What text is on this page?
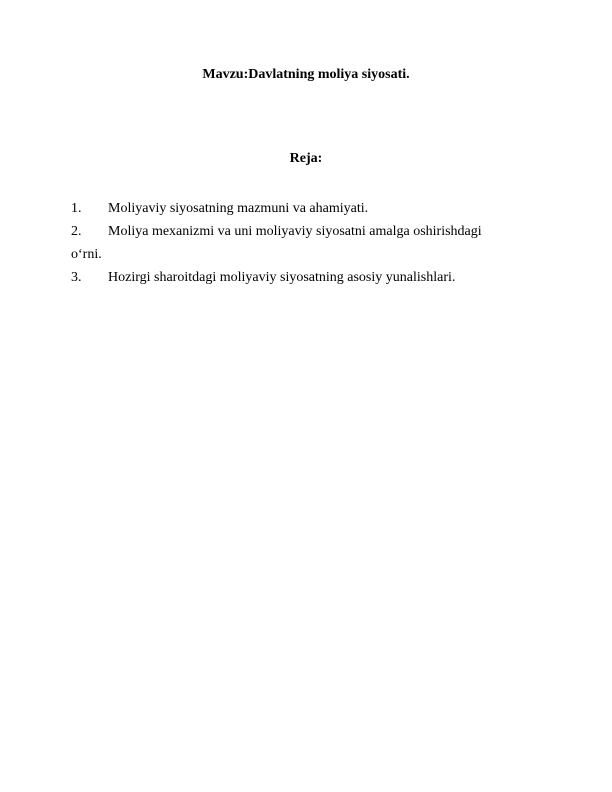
Mavzu:Davlatning moliya siyosati.
Reja:
1. Moliyaviy siyosatning mazmuni va ahamiyati.
2. Moliya mexanizmi va uni moliyaviy siyosatni amalga oshirishdagi
o‘rni.
3. Hozirgi sharoitdagi moliyaviy siyosatning asosiy yunalishlari.
